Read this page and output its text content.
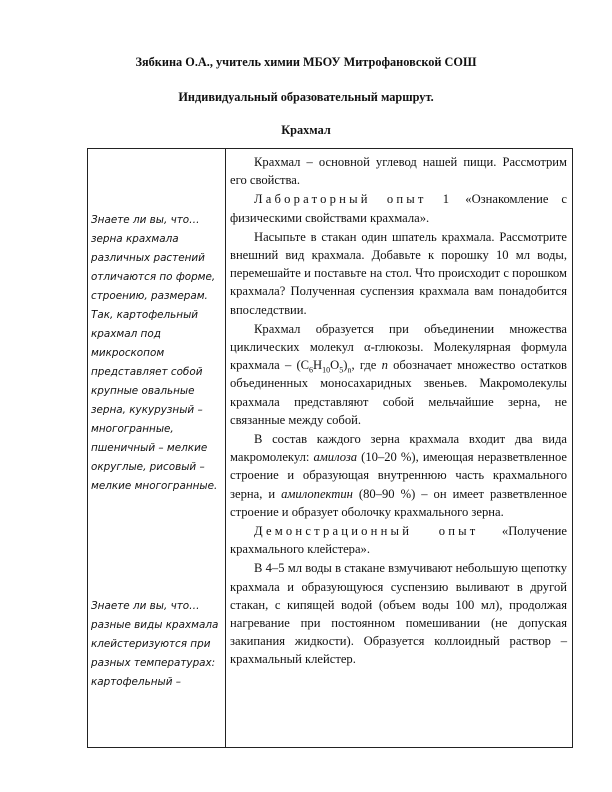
Зябкина О.А., учитель химии МБОУ Митрофановской СОШ
Индивидуальный образовательный маршрут.
Крахмал
Знаете ли вы, что… зерна крахмала различных растений отличаются по форме, строению, размерам. Так, картофельный крахмал под микроскопом представляет собой крупные овальные зерна, кукурузный – многогранные, пшеничный – мелкие округлые, рисовый – мелкие многогранные.
Знаете ли вы, что… разные виды крахмала клейстеризуются при разных температурах: картофельный –

Крахмал – основной углевод нашей пищи. Рассмотрим его свойства.

Лабораторный опыт 1 «Ознакомление с физическими свойствами крахмала».

Насыпьте в стакан один шпатель крахмала. Рассмотрите внешний вид крахмала. Добавьте к порошку 10 мл воды, перемешайте и поставьте на стол. Что происходит с порошком крахмала? Полученная суспензия крахмала вам понадобится впоследствии.

Крахмал образуется при объединении множества циклических молекул α-глюкозы. Молекулярная формула крахмала – $(C_6H_{10}O_5)_n$, где n обозначает множество остатков объединенных моносахаридных звеньев. Макромолекулы крахмала представляют собой мельчайшие зерна, не связанные между собой.

В состав каждого зерна крахмала входит два вида макромолекул: амилоза (10–20 %), имеющая неразветвленное строение и образующая внутреннюю часть крахмального зерна, и амилопектин (80–90 %) – он имеет разветвленное строение и образует оболочку крахмального зерна.

Демонстрационный опыт «Получение крахмального клейстера».

В 4–5 мл воды в стакане взмучивают небольшую щепотку крахмала и образующуюся суспензию выливают в другой стакан, с кипящей водой (объем воды 100 мл), продолжая нагревание при постоянном помешивании (не допуская закипания жидкости). Образуется коллоидный раствор – крахмальный клейстер.
